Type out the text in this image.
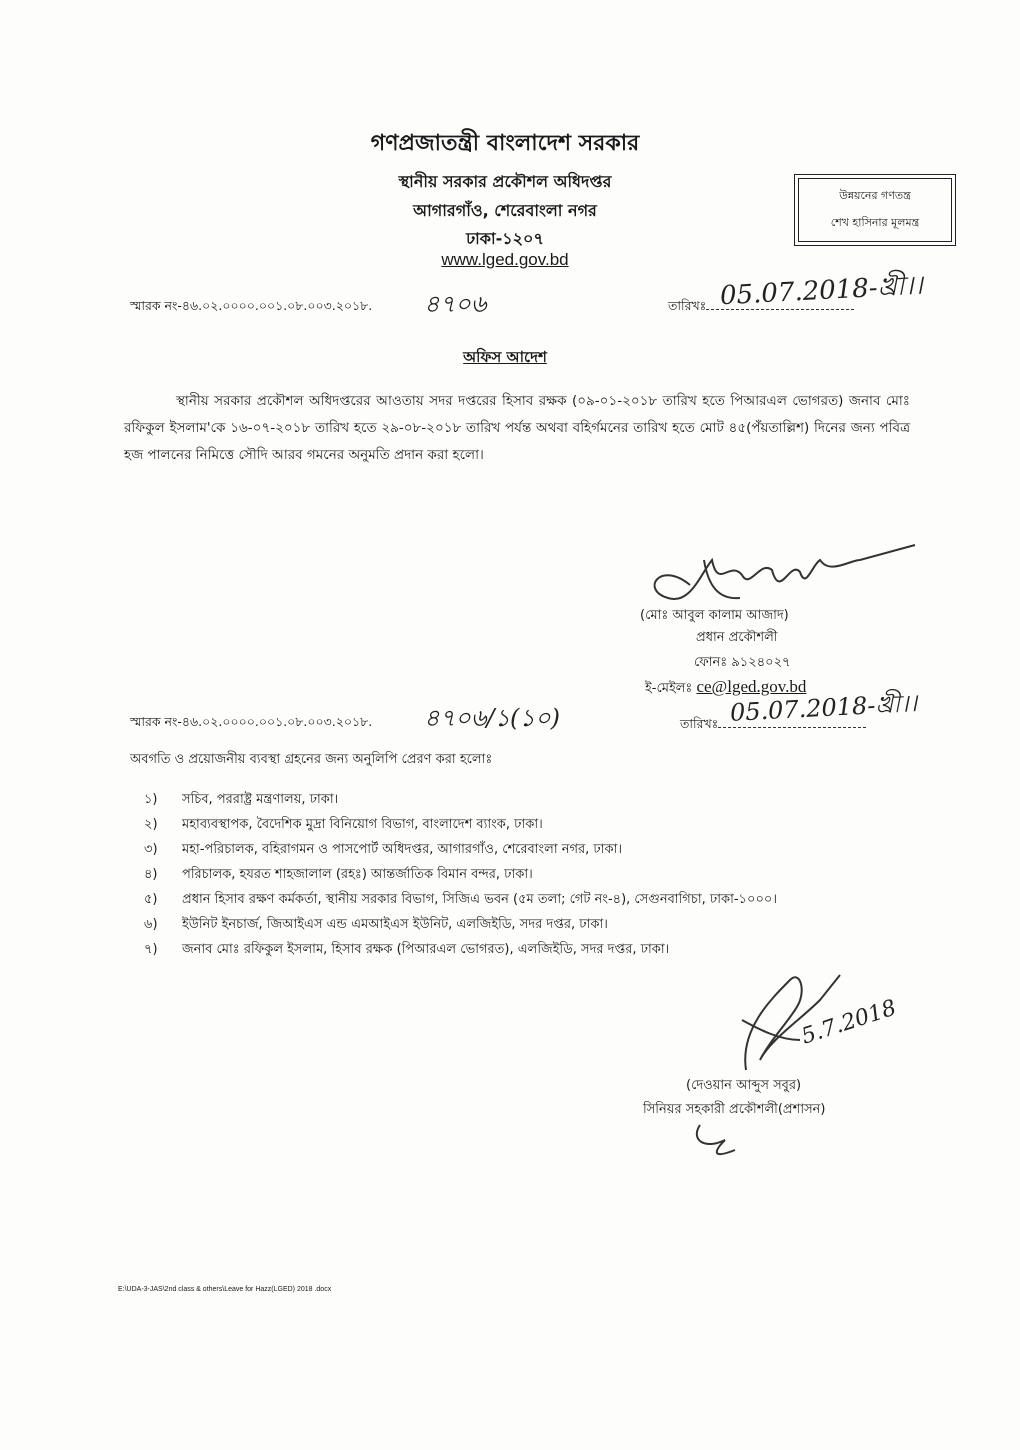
গণপ্রজাতন্ত্রী বাংলাদেশ সরকার
স্থানীয় সরকার প্রকৌশল অধিদপ্তর
আগারগাঁও, শেরেবাংলা নগর
ঢাকা-১২০৭
www.lged.gov.bd
উন্নয়নের গণতন্ত্র
শেখ হাসিনার মূলমন্ত্র
স্মারক নং-৪৬.০২.০০০০.০০১.০৮.০০৩.২০১৮. ৪৭০৬	তারিখঃ 05.07.2018-খ্রী।।
অফিস আদেশ
স্থানীয় সরকার প্রকৌশল অধিদপ্তরের আওতায় সদর দপ্তরের হিসাব রক্ষক (০৯-০১-২০১৮ তারিখ হতে পিআরএল ভোগরত) জনাব মোঃ রফিকুল ইসলাম'কে ১৬-০৭-২০১৮ তারিখ হতে ২৯-০৮-২০১৮ তারিখ পর্যন্ত অথবা বহির্গমনের তারিখ হতে মোট ৪৫(পঁয়তাল্লিশ) দিনের জন্য পবিত্র হজ পালনের নিমিত্তে সৌদি আরব গমনের অনুমতি প্রদান করা হলো।
(মোঃ আবুল কালাম আজাদ)
প্রধান প্রকৌশলী
ফোনঃ ৯১২৪০২৭
ই-মেইলঃ ce@lged.gov.bd
স্মারক নং-৪৬.০২.০০০০.০০১.০৮.০০৩.২০১৮. ৪৭০৬/১(১০)	তারিখঃ 05.07.2018-খ্রী।।
অবগতি ও প্রয়োজনীয় ব্যবস্থা গ্রহনের জন্য অনুলিপি প্রেরণ করা হলোঃ
১)	সচিব, পররাষ্ট্র মন্ত্রণালয়, ঢাকা।
২)	মহাব্যবস্থাপক, বৈদেশিক মুদ্রা বিনিয়োগ বিভাগ, বাংলাদেশ ব্যাংক, ঢাকা।
৩)	মহা-পরিচালক, বহিরাগমন ও পাসপোর্ট অধিদপ্তর, আগারগাঁও, শেরেবাংলা নগর, ঢাকা।
৪)	পরিচালক, হযরত শাহজালাল (রহঃ) আন্তর্জাতিক বিমান বন্দর, ঢাকা।
৫)	প্রধান হিসাব রক্ষণ কর্মকর্তা, স্থানীয় সরকার বিভাগ, সিজিএ ভবন (৫ম তলা; গেট নং-৪), সেগুনবাগিচা, ঢাকা-১০০০।
৬)	ইউনিট ইনচার্জ, জিআইএস এন্ড এমআইএস ইউনিট, এলজিইডি, সদর দপ্তর, ঢাকা।
৭)	জনাব মোঃ রফিকুল ইসলাম, হিসাব রক্ষক (পিআরএল ভোগরত), এলজিইডি, সদর দপ্তর, ঢাকা।
5.7.2018
(দেওয়ান আব্দুস সবুর)
সিনিয়র সহকারী প্রকৌশলী(প্রশাসন)
E:\UDA-3-JAS\2nd class & others\Leave for Hazz(LGED) 2018 .docx
